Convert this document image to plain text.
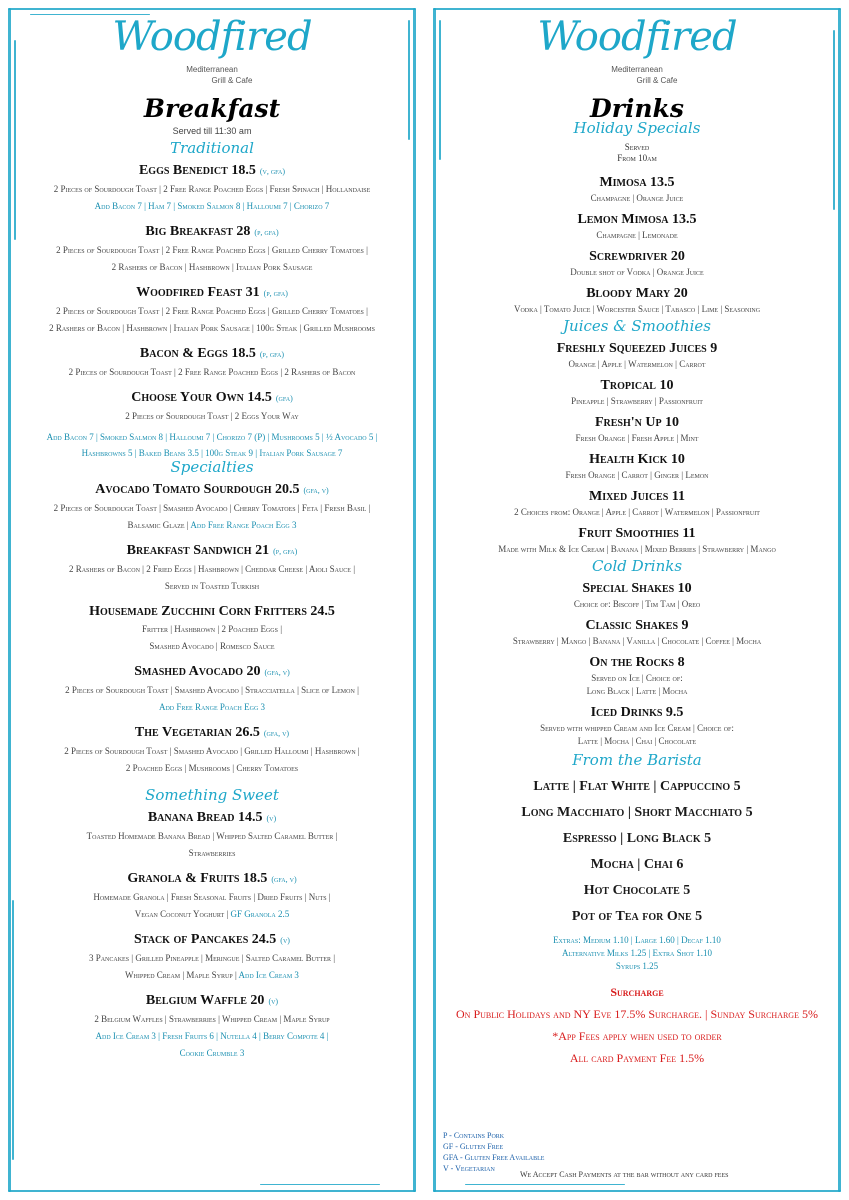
Woodfired
Mediterranean
Grill & Cafe
Breakfast
Served till 11:30 am
Traditional
Eggs Benedict 18.5 (v, gfa)
2 Pieces of Sourdough Toast | 2 Free Range Poached Eggs | Fresh Spinach | Hollandaise
Add Bacon 7 | Ham 7 | Smoked Salmon 8 | Halloumi 7 | Chorizo 7
Big Breakfast 28 (p, gfa)
2 Pieces of Sourdough Toast | 2 Free Range Poached Eggs | Grilled Cherry Tomatoes |
2 Rashers of Bacon | Hashbrown | Italian Pork Sausage
Woodfired Feast 31 (p, gfa)
2 Pieces of Sourdough Toast | 2 Free Range Poached Eggs | Grilled Cherry Tomatoes |
2 Rashers of Bacon | Hashbrown | Italian Pork Sausage | 100g Steak | Grilled Mushrooms
Bacon & Eggs 18.5 (p, gfa)
2 Pieces of Sourdough Toast | 2 Free Range Poached Eggs | 2 Rashers of Bacon
Choose Your Own 14.5 (gfa)
2 Pieces of Sourdough Toast | 2 Eggs Your Way
Add Bacon 7 | Smoked Salmon 8 | Halloumi 7 | Chorizo 7 (P) | Mushrooms 5 | ½ Avocado 5 |
Hashbrowns 5 | Baked Beans 3.5 | 100g Steak 9 | Italian Pork Sausage 7
Specialties
Avocado Tomato Sourdough 20.5 (gfa, v)
2 Pieces of Sourdough Toast | Smashed Avocado | Cherry Tomatoes | Feta | Fresh Basil |
Balsamic Glaze | Add Free Range Poach Egg 3
Breakfast Sandwich 21 (p, gfa)
2 Rashers of Bacon | 2 Fried Eggs | Hashbrown | Cheddar Cheese | Aioli Sauce |
Served in Toasted Turkish
Housemade Zucchini Corn Fritters 24.5
Fritter | Hashbrown | 2 Poached Eggs |
Smashed Avocado | Romesco Sauce
Smashed Avocado 20 (gfa, v)
2 Pieces of Sourdough Toast | Smashed Avocado | Stracciatella | Slice of Lemon |
Add Free Range Poach Egg 3
The Vegetarian 26.5 (gfa, v)
2 Pieces of Sourdough Toast | Smashed Avocado | Grilled Halloumi | Hashbrown |
2 Poached Eggs | Mushrooms | Cherry Tomatoes
Something Sweet
Banana Bread 14.5 (v)
Toasted Homemade Banana Bread | Whipped Salted Caramel Butter |
Strawberries
Granola & Fruits 18.5 (gfa, v)
Homemade Granola | Fresh Seasonal Fruits | Dried Fruits | Nuts |
Vegan Coconut Yoghurt | GF Granola 2.5
Stack of Pancakes 24.5 (v)
3 Pancakes | Grilled Pineapple | Meringue | Salted Caramel Butter |
Whipped Cream | Maple Syrup | Add Ice Cream 3
Belgium Waffle 20 (v)
2 Belgium Waffles | Strawberries | Whipped Cream | Maple Syrup
Add Ice Cream 3 | Fresh Fruits 6 | Nutella 4 | Berry Compote 4 |
Cookie Crumble 3
Woodfired
Mediterranean
Grill & Cafe
Drinks
Holiday Specials
Served
From 10am
Mimosa 13.5
Champagne | Orange Juice
Lemon Mimosa 13.5
Champagne | Lemonade
Screwdriver 20
Double shot of Vodka | Orange Juice
Bloody Mary 20
Vodka | Tomato Juice | Worcester Sauce | Tabasco | Lime | Seasoning
Juices & Smoothies
Freshly Squeezed Juices 9
Orange | Apple | Watermelon | Carrot
Tropical 10
Pineapple | Strawberry | Passionfruit
Fresh'n Up 10
Fresh Orange | Fresh Apple | Mint
Health Kick 10
Fresh Orange | Carrot | Ginger | Lemon
Mixed Juices 11
2 Choices from: Orange | Apple | Carrot | Watermelon | Passionfruit
Fruit Smoothies 11
Made with Milk & Ice Cream | Banana | Mixed Berries | Strawberry | Mango
Cold Drinks
Special Shakes 10
Choice of: Biscoff | Tim Tam | Oreo
Classic Shakes 9
Strawberry | Mango | Banana | Vanilla | Chocolate | Coffee | Mocha
On the Rocks 8
Served on Ice | Choice of:
Long Black | Latte | Mocha
Iced Drinks 9.5
Served with whipped Cream and Ice Cream | Choice of:
Latte | Mocha | Chai | Chocolate
From the Barista
Latte | Flat White | Cappuccino 5
Long Macchiato | Short Macchiato 5
Espresso | Long Black 5
Mocha | Chai 6
Hot Chocolate 5
Pot of Tea for One 5
Extras: Medium 1.10 | Large 1.60 | Decaf 1.10
Alternative Milks 1.25 | Extra Shot 1.10
Syrups 1.25
Surcharge
On Public Holidays and NY Eve 17.5% Surcharge. | Sunday Surcharge 5%
*App Fees apply when used to order
All card Payment Fee 1.5%
P - Contains Pork
GF - Gluten Free
GFA - Gluten Free Available
V - Vegetarian
We Accept Cash Payments at the bar without any card fees
